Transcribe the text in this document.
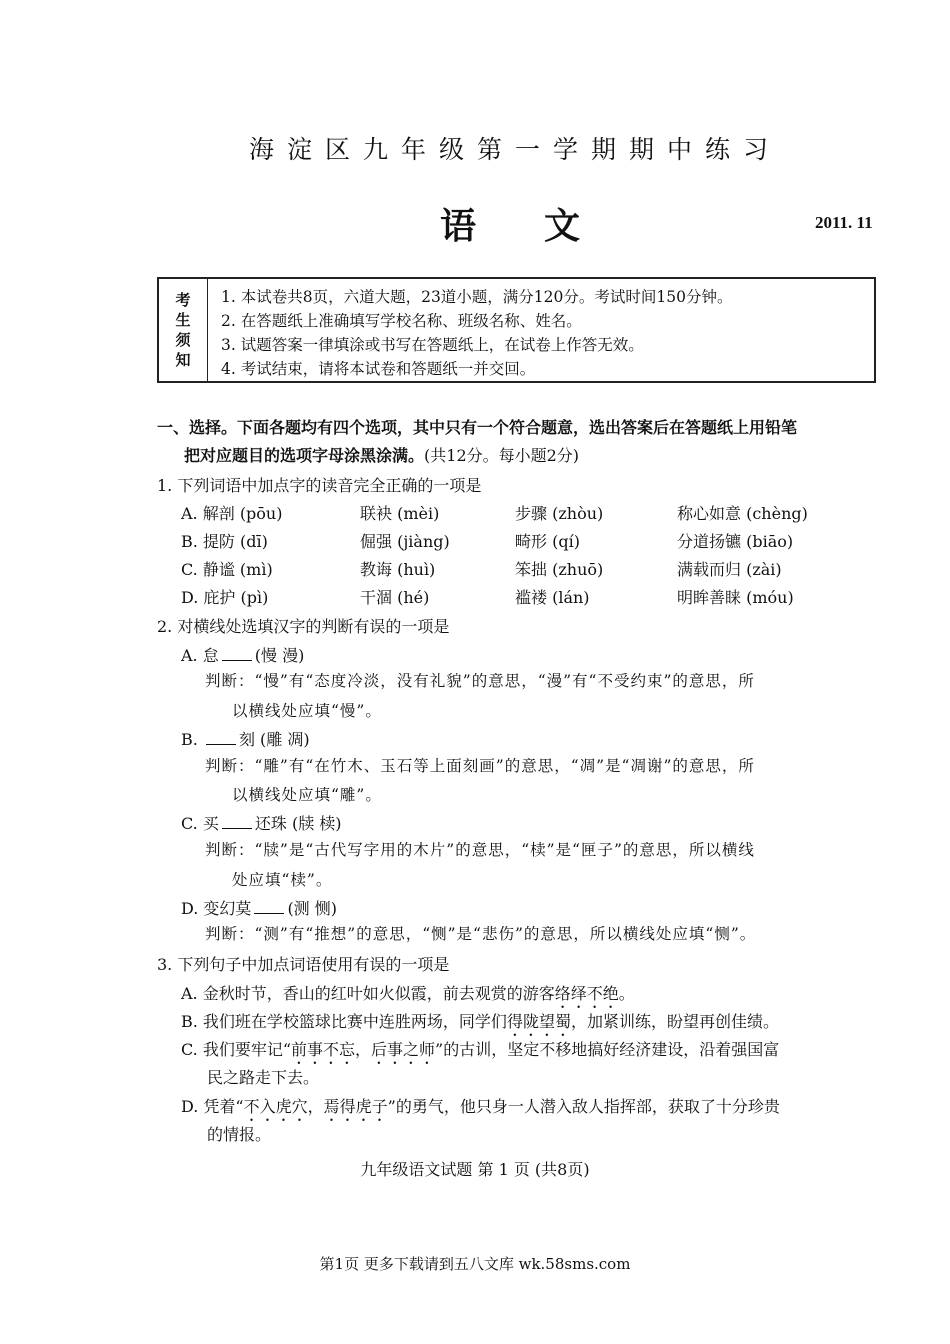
海淀区九年级第一学期期中练习
语文	2011. 11
考
生
须
知
1. 本试卷共8页，六道大题，23道小题，满分120分。考试时间150分钟。
2. 在答题纸上准确填写学校名称、班级名称、姓名。
3. 试题答案一律填涂或书写在答题纸上，在试卷上作答无效。
4. 考试结束，请将本试卷和答题纸一并交回。
一、选择。下面各题均有四个选项，其中只有一个符合题意，选出答案后在答题纸上用铅笔
把对应题目的选项字母涂黑涂满。(共12分。每小题2分)
1. 下列词语中加点字的读音完全正确的一项是
A. 解剖 (pōu)	联袂 (mèi)	步骤 (zhòu)	称心如意 (chèng)
B. 提防 (dī)	倔强 (jiàng)	畸形 (qí)	分道扬镳 (biāo)
C. 静谧 (mì)	教诲 (huì)	笨拙 (zhuō)	满载而归 (zài)
D. 庇护 (pì)	干涸 (hé)	褴褛 (lán)	明眸善睐 (móu)
2. 对横线处选填汉字的判断有误的一项是
A. 怠 (慢 漫)
判断：“慢”有“态度冷淡，没有礼貌”的意思，“漫”有“不受约束”的意思，所
以横线处应填“慢”。
B. 刻 (雕 凋)
判断：“雕”有“在竹木、玉石等上面刻画”的意思，“凋”是“凋谢”的意思，所
以横线处应填“雕”。
C. 买 还珠 (牍 椟)
判断：“牍”是“古代写字用的木片”的意思，“椟”是“匣子”的意思，所以横线
处应填“椟”。
D. 变幻莫 (测 恻)
判断：“测”有“推想”的意思，“恻”是“悲伤”的意思，所以横线处应填“恻”。
3. 下列句子中加点词语使用有误的一项是
A. 金秋时节，香山的红叶如火似霞，前去观赏的游客络绎不绝。
B. 我们班在学校篮球比赛中连胜两场，同学们得陇望蜀，加紧训练，盼望再创佳绩。
C. 我们要牢记“前事不忘，后事之师”的古训，坚定不移地搞好经济建设，沿着强国富
民之路走下去。
D. 凭着“不入虎穴，焉得虎子”的勇气，他只身一人潜入敌人指挥部，获取了十分珍贵
的情报。
九年级语文试题 第 1 页 (共8页)
第1页 更多下载请到五八文库 wk.58sms.com
